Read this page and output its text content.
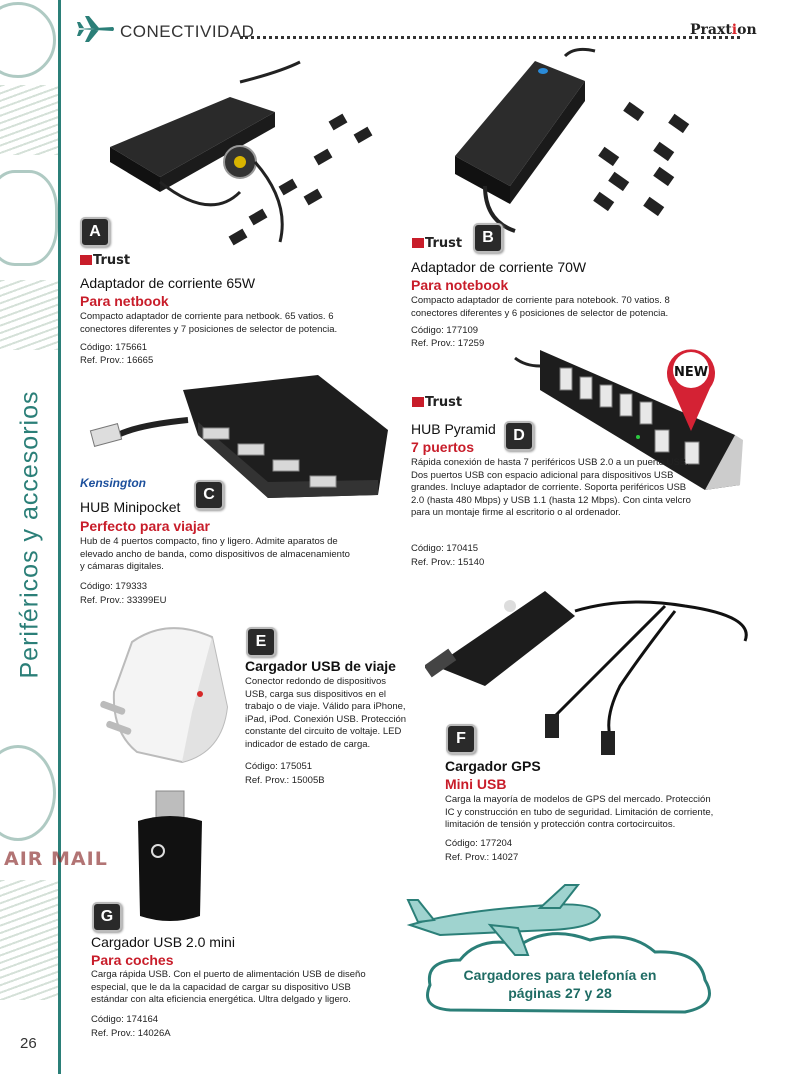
Periféricos y accesorios
AIR MAIL
26
CONECTIVIDAD	Praxtion
A
Trust
Adaptador de corriente 65W
Para netbook
Compacto adaptador de corriente para netbook. 65 vatios. 6 conectores diferentes y 7 posiciones de selector de potencia.
Código: 175661
Ref. Prov.: 16665
Trust	B
Adaptador de corriente 70W
Para notebook
Compacto adaptador de corriente para notebook. 70 vatios. 8 conectores diferentes y 6 posiciones de selector de potencia.
Código: 177109
Ref. Prov.: 17259
Kensington
C
HUB Minipocket
Perfecto para viajar
Hub de 4 puertos compacto, fino y ligero. Admite aparatos de elevado ancho de banda, como dispositivos de almacenamiento y cámaras digitales.
Código: 179333
Ref. Prov.: 33399EU
NEW
Trust
D
HUB Pyramid
7 puertos
Rápida conexión de hasta 7 periféricos USB 2.0 a un puerto USB. Dos puertos USB con espacio adicional para dispositivos USB grandes. Incluye adaptador de corriente. Soporta periféricos USB 2.0 (hasta 480 Mbps) y USB 1.1 (hasta 12 Mbps). Con cinta velcro para un montaje firme al escritorio o al ordenador.
Código: 170415
Ref. Prov.: 15140
E
Cargador USB de viaje
Conector redondo de dispositivos USB, carga sus dispositivos en el trabajo o de viaje. Válido para iPhone, iPad, iPod. Conexión USB. Protección constante del circuito de voltaje. LED indicador de estado de carga.
Código: 175051
Ref. Prov.: 15005B
F
Cargador GPS
Mini USB
Carga la mayoría de modelos de GPS del mercado. Protección IC y construcción en tubo de seguridad. Limitación de corriente, limitación de tensión y protección contra cortocircuitos.
Código: 177204
Ref. Prov.: 14027
G
Cargador USB 2.0 mini
Para coches
Carga rápida USB. Con el puerto de alimentación USB de diseño especial, que le da la capacidad de cargar su dispositivo USB estándar con alta eficiencia energética. Ultra delgado y ligero.
Código: 174164
Ref. Prov.: 14026A
Cargadores para telefonía en
páginas 27 y 28
